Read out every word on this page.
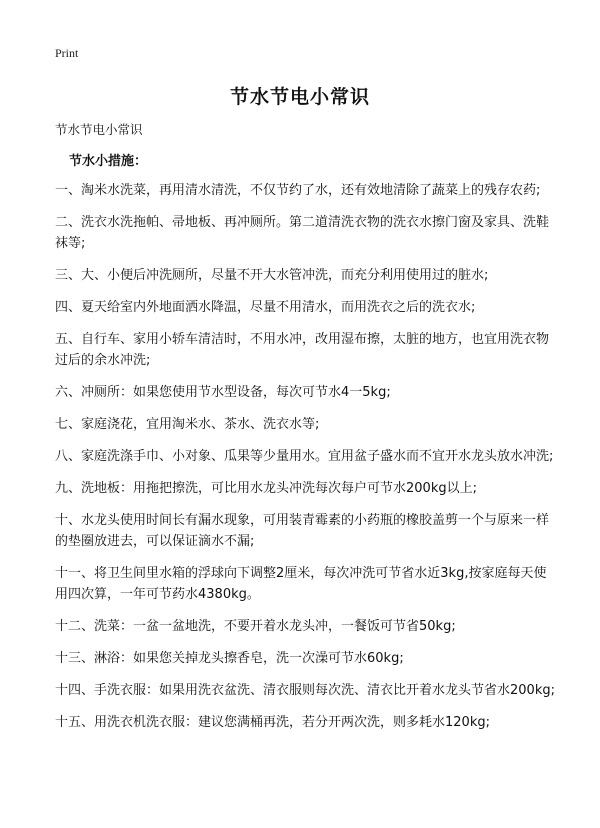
Print
节水节电小常识
节水节电小常识
节水小措施：
一、淘米水洗菜，再用清水清洗，不仅节约了水，还有效地清除了蔬菜上的残存农药;
二、洗衣水洗拖帕、帚地板、再冲厕所。第二道清洗衣物的洗衣水擦门窗及家具、洗鞋袜等;
三、大、小便后冲洗厕所，尽量不开大水管冲洗，而充分利用使用过的脏水;
四、夏天给室内外地面洒水降温，尽量不用清水，而用洗衣之后的洗衣水;
五、自行车、家用小轿车清洁时，不用水冲，改用湿布擦，太脏的地方，也宜用洗衣物过后的余水冲洗;
六、冲厕所：如果您使用节水型设备，每次可节水4一5kg;
七、家庭浇花，宜用淘米水、茶水、洗衣水等;
八、家庭洗涤手巾、小对象、瓜果等少量用水。宜用盆子盛水而不宜开水龙头放水冲洗;
九、洗地板：用拖把擦洗，可比用水龙头冲洗每次每户可节水200kg以上;
十、水龙头使用时间长有漏水现象，可用装青霉素的小药瓶的橡胶盖剪一个与原来一样的垫圈放进去，可以保证滴水不漏;
十一、将卫生间里水箱的浮球向下调整2厘米，每次冲洗可节省水近3kg,按家庭每天使用四次算，一年可节药水4380kg。
十二、洗菜：一盆一盆地洗，不要开着水龙头冲，一餐饭可节省50kg;
十三、淋浴：如果您关掉龙头擦香皂，洗一次澡可节水60kg;
十四、手洗衣服：如果用洗衣盆洗、清衣服则每次洗、清衣比开着水龙头节省水200kg;
十五、用洗衣机洗衣服：建议您满桶再洗，若分开两次洗，则多耗水120kg;
